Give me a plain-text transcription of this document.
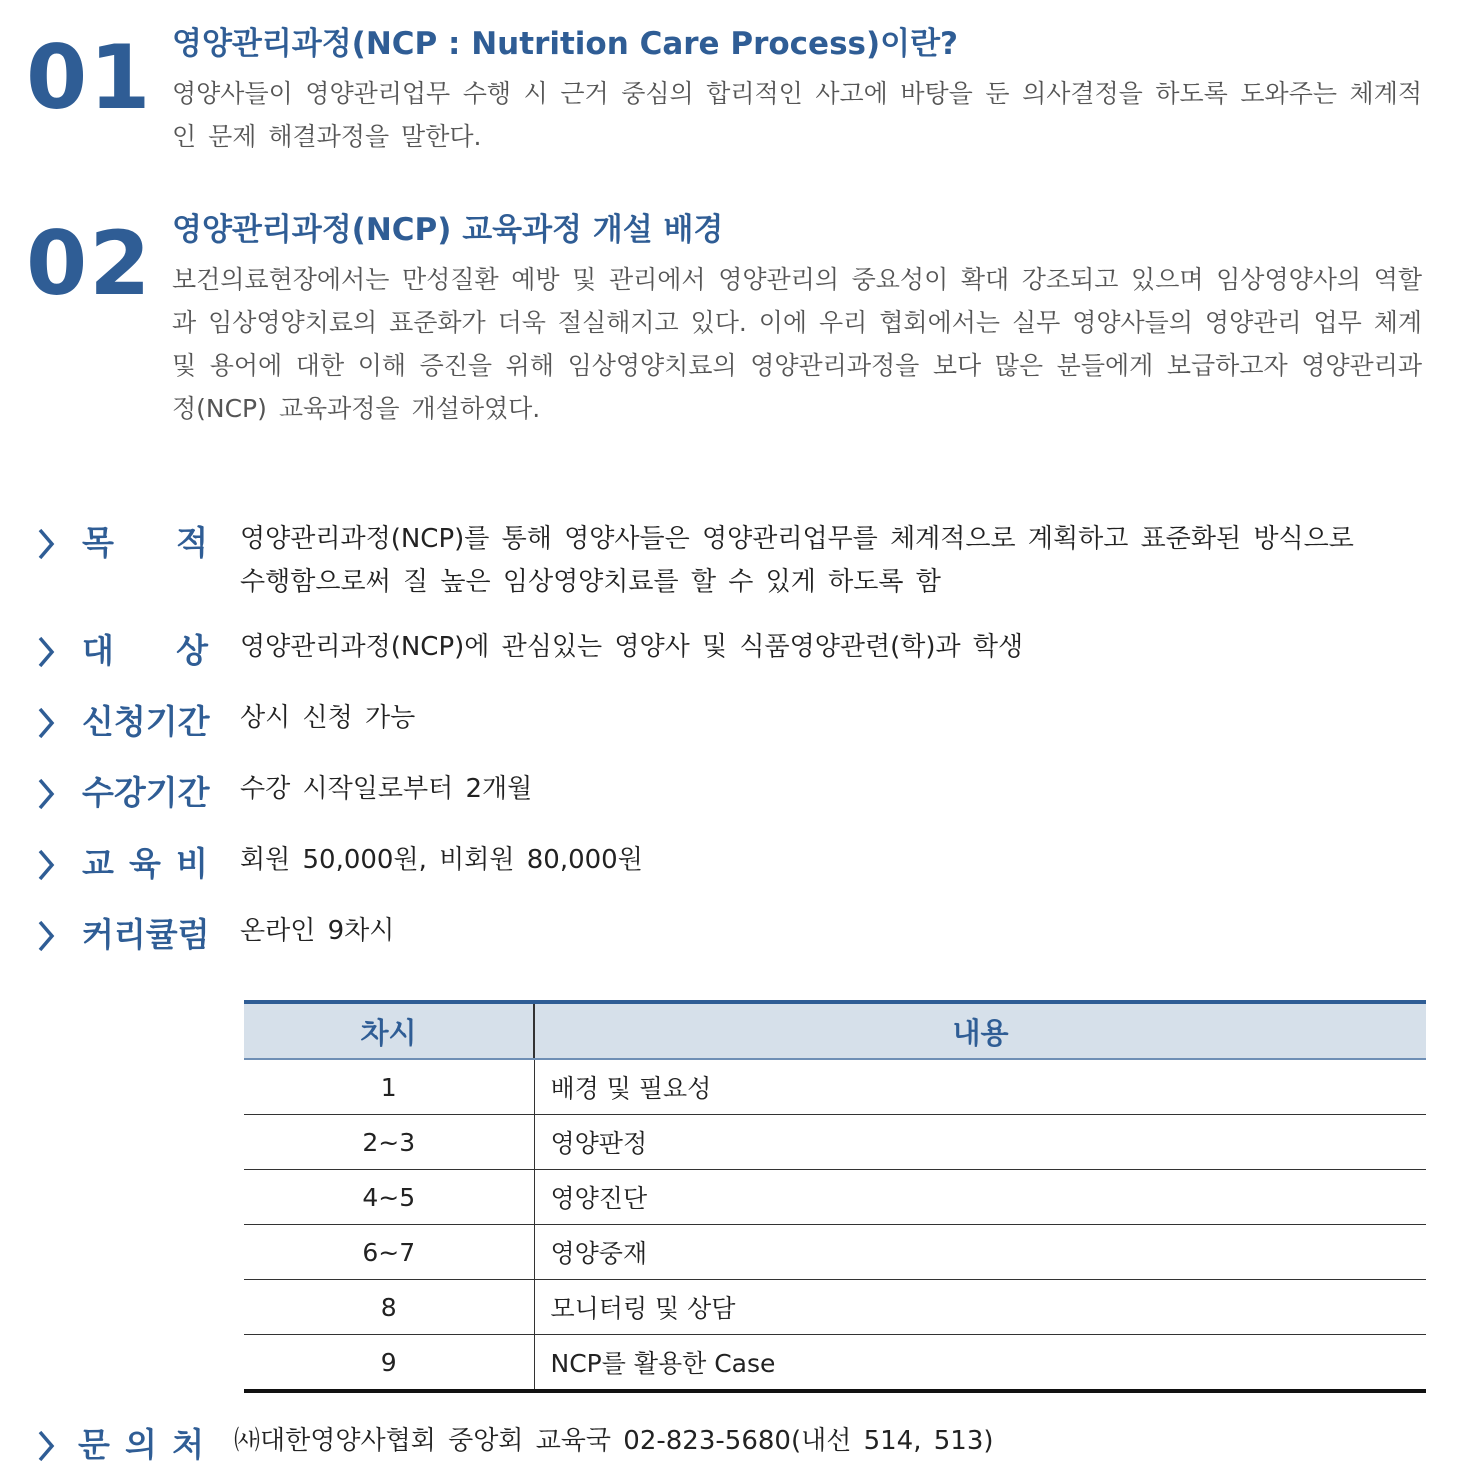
01 영양관리과정(NCP : Nutrition Care Process)이란?
영양사들이 영양관리업무 수행 시 근거 중심의 합리적인 사고에 바탕을 둔 의사결정을 하도록 도와주는 체계적인 문제 해결과정을 말한다.
02 영양관리과정(NCP) 교육과정 개설 배경
보건의료현장에서는 만성질환 예방 및 관리에서 영양관리의 중요성이 확대 강조되고 있으며 임상영양사의 역할과 임상영양치료의 표준화가 더욱 절실해지고 있다. 이에 우리 협회에서는 실무 영양사들의 영양관리 업무 체계 및 용어에 대한 이해 증진을 위해 임상영양치료의 영양관리과정을 보다 많은 분들에게 보급하고자 영양관리과정(NCP) 교육과정을 개설하였다.
목 적 영양관리과정(NCP)를 통해 영양사들은 영양관리업무를 체계적으로 계획하고 표준화된 방식으로
수행함으로써 질 높은 임상영양치료를 할 수 있게 하도록 함
대 상 영양관리과정(NCP)에 관심있는 영양사 및 식품영양관련(학)과 학생
신청기간 상시 신청 가능
수강기간 수강 시작일로부터 2개월
교 육 비 회원 50,000원, 비회원 80,000원
커리큘럼 온라인 9차시
차시	내용
1	배경 및 필요성
2~3	영양판정
4~5	영양진단
6~7	영양중재
8	모니터링 및 상담
9	NCP를 활용한 Case
문 의 처 ㈔대한영양사협회 중앙회 교육국 02-823-5680(내선 514, 513)
